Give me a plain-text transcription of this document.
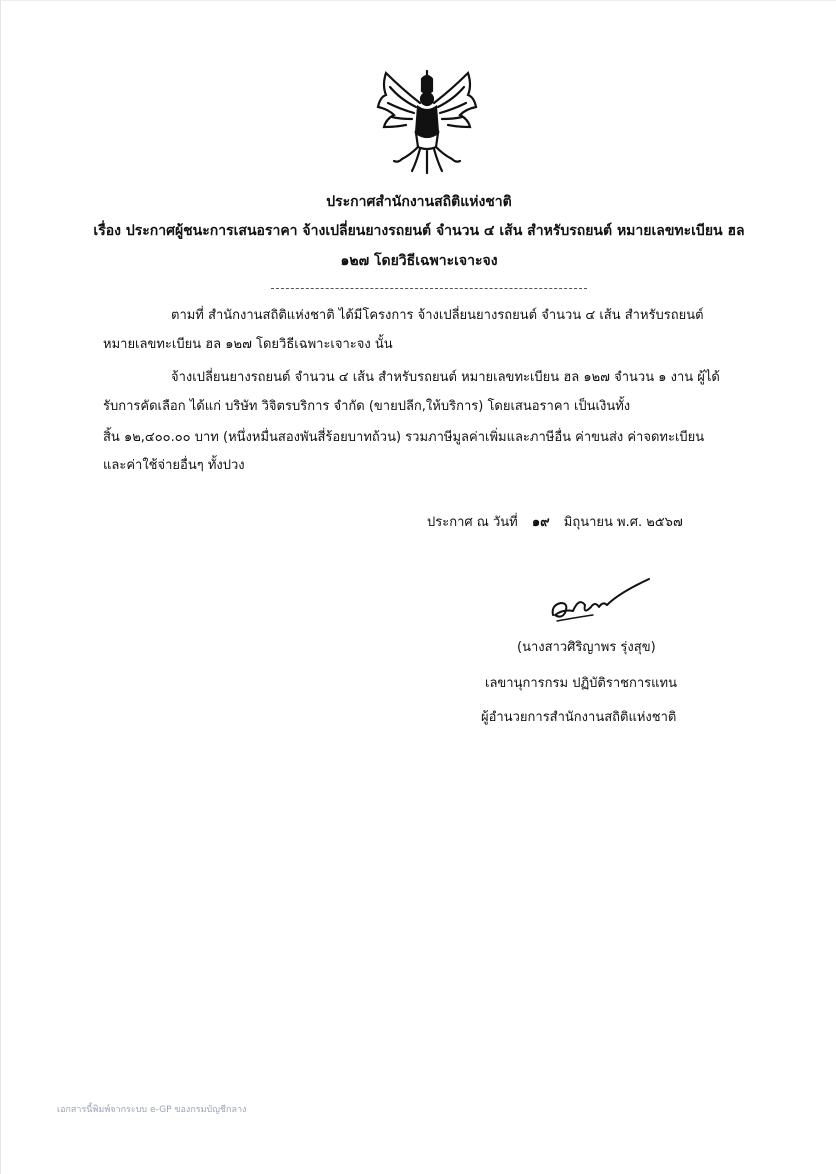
ประกาศสำนักงานสถิติแห่งชาติ
เรื่อง ประกาศผู้ชนะการเสนอราคา จ้างเปลี่ยนยางรถยนต์ จำนวน ๔ เส้น สำหรับรถยนต์ หมายเลขทะเบียน ฮล
๑๒๗ โดยวิธีเฉพาะเจาะจง
ตามที่ สำนักงานสถิติแห่งชาติ ได้มีโครงการ จ้างเปลี่ยนยางรถยนต์ จำนวน ๔ เส้น สำหรับรถยนต์
หมายเลขทะเบียน ฮล ๑๒๗ โดยวิธีเฉพาะเจาะจง นั้น
จ้างเปลี่ยนยางรถยนต์ จำนวน ๔ เส้น สำหรับรถยนต์ หมายเลขทะเบียน ฮล ๑๒๗ จำนวน ๑ งาน ผู้ได้
รับการคัดเลือก ได้แก่ บริษัท วิจิตรบริการ จำกัด (ขายปลีก,ให้บริการ) โดยเสนอราคา เป็นเงินทั้ง
สิ้น ๑๒,๔๐๐.๐๐ บาท (หนึ่งหมื่นสองพันสี่ร้อยบาทถ้วน) รวมภาษีมูลค่าเพิ่มและภาษีอื่น ค่าขนส่ง ค่าจดทะเบียน
และค่าใช้จ่ายอื่นๆ ทั้งปวง
ประกาศ ณ วันที่ ๑๙ มิถุนายน พ.ศ. ๒๕๖๗
(นางสาวศิริญาพร รุ่งสุข)
เลขานุการกรม ปฏิบัติราชการแทน
ผู้อำนวยการสำนักงานสถิติแห่งชาติ
เอกสารนี้พิมพ์จากระบบ e-GP ของกรมบัญชีกลาง
